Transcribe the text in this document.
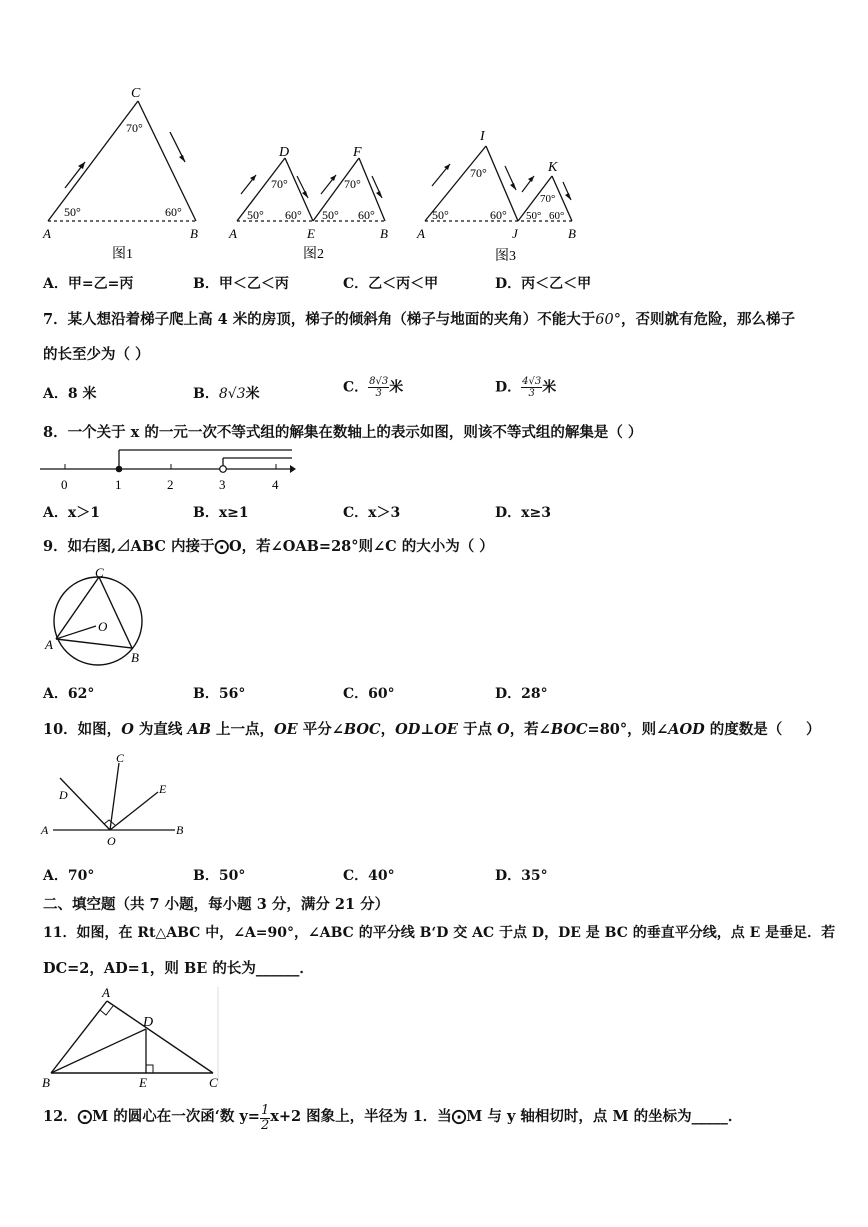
C
70°
50°	60°
A	B
图1
D	F
70°	70°
50° 60° 50° 60°
A	E	B
图2
I
K
70°
70°
50°	60° 50° 60°
A	J	B
图3
A．甲=乙=丙	B．甲＜乙＜丙	C．乙＜丙＜甲	D．丙＜乙＜甲
7．某人想沿着梯子爬上高 4 米的房顶，梯子的倾斜角（梯子与地面的夹角）不能大于60°，否则就有危险，那么梯子
的长至少为（ ）
A．8 米	B．8√3米	C． $\frac{8√3}{3}$ 米	D． $\frac{4√3}{3}$ 米
8．一个关于 x 的一元一次不等式组的解集在数轴上的表示如图，则该不等式组的解集是（ ）
0	1	2	3	4
A．x＞1	B．x≥1	C．x＞3	D．x≥3
9．如右图,⊿ABC 内接于⨀O，若∠OAB=28°则∠C 的大小为（ ）
C
O
A
B
A．62°	B．56°	C．60°	D．28°
10．如图，O 为直线 AB 上一点，OE 平分∠BOC，OD⊥OE 于点 O，若∠BOC=80°，则∠AOD 的度数是（ ）
C
D	E
A
O
B
A．70°	B．50°	C．40°	D．35°
二、填空题（共 7 小题，每小题 3 分，满分 21 分）
11．如图，在 Rt△ABC 中，∠A=90°，∠ABC 的平分线 B‘D 交 AC 于点 D，DE 是 BC 的垂直平分线，点 E 是垂足．若
DC=2，AD=1，则 BE 的长为______．
A
D
B	E	C
12．⨀M 的圆心在一次函‘数 $y= \frac{1}{2} x+2$ 图象上，半径为 1．当⨀M 与 y 轴相切时，点 M 的坐标为_____．
